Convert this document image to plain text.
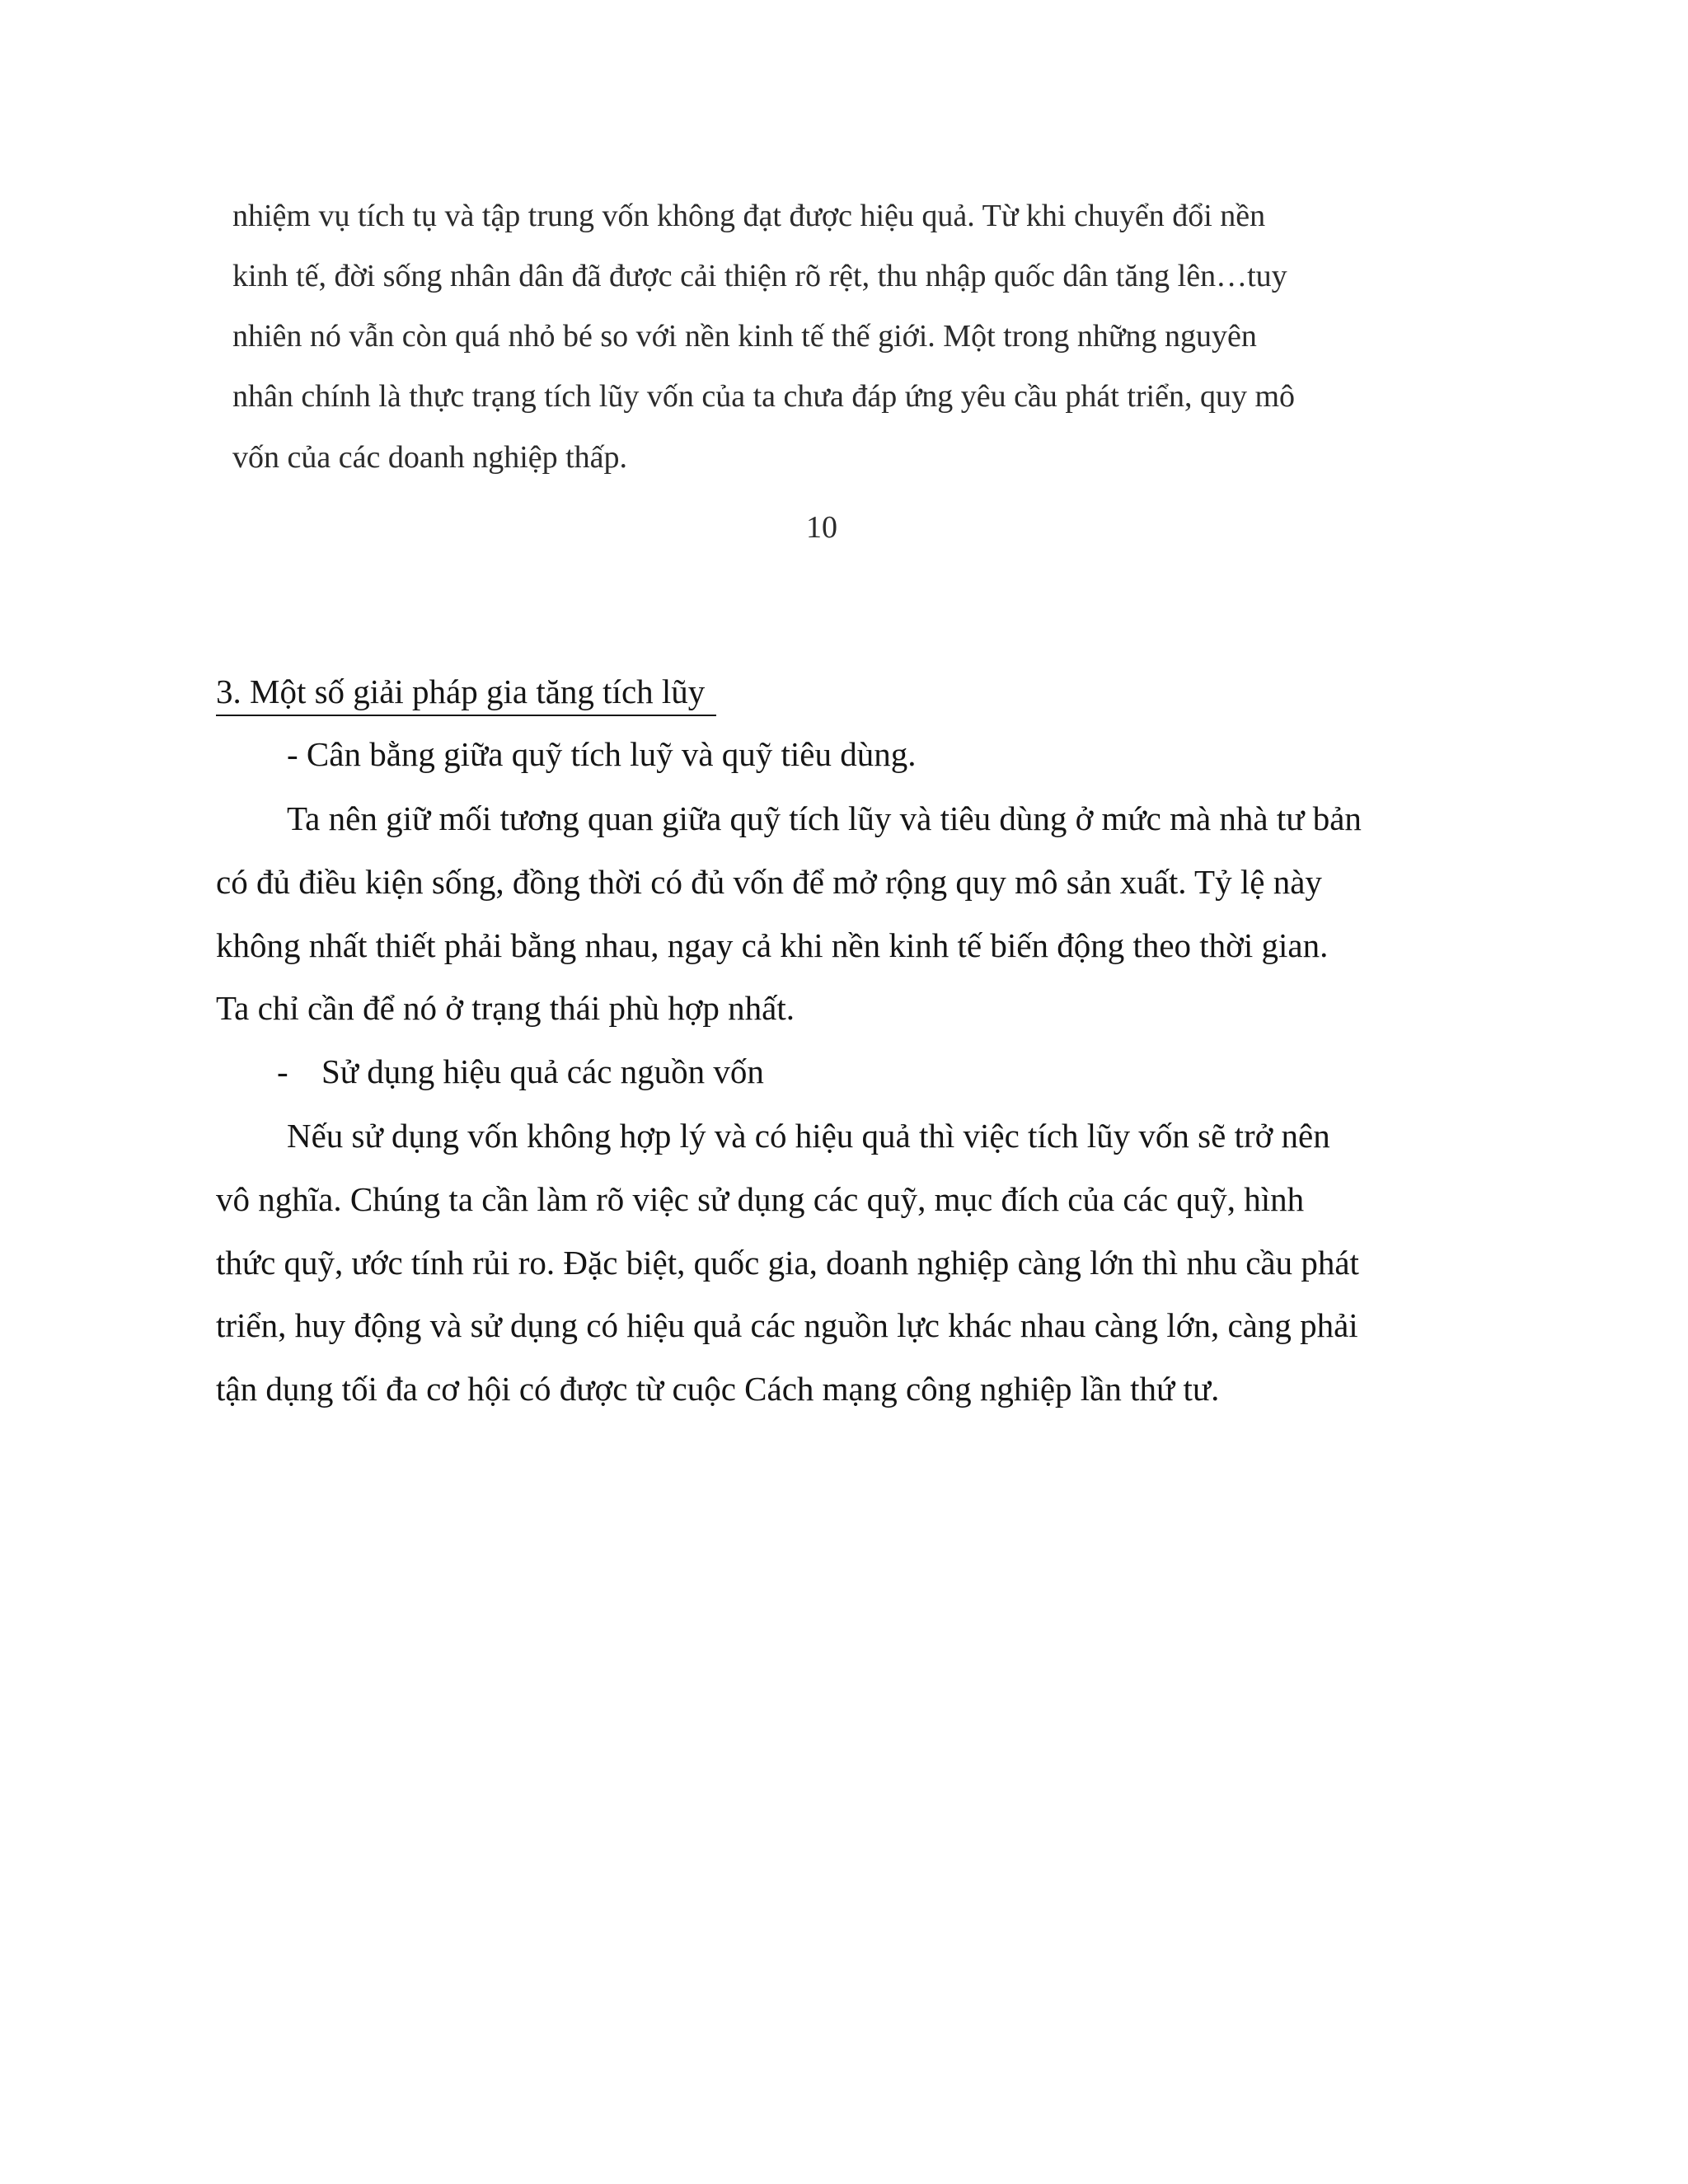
nhiệm vụ tích tụ và tập trung vốn không đạt được hiệu quả. Từ khi chuyển đổi nền
kinh tế, đời sống nhân dân đã được cải thiện rõ rệt, thu nhập quốc dân tăng lên…tuy
nhiên nó vẫn còn quá nhỏ bé so với nền kinh tế thế giới. Một trong những nguyên
nhân chính là thực trạng tích lũy vốn của ta chưa đáp ứng yêu cầu phát triển, quy mô
vốn của các doanh nghiệp thấp.
10
3. Một số giải pháp gia tăng tích lũy
- Cân bằng giữa quỹ tích luỹ và quỹ tiêu dùng.
Ta nên giữ mối tương quan giữa quỹ tích lũy và tiêu dùng ở mức mà nhà tư bản
có đủ điều kiện sống, đồng thời có đủ vốn để mở rộng quy mô sản xuất. Tỷ lệ này
không nhất thiết phải bằng nhau, ngay cả khi nền kinh tế biến động theo thời gian.
Ta chỉ cần để nó ở trạng thái phù hợp nhất.
- Sử dụng hiệu quả các nguồn vốn
Nếu sử dụng vốn không hợp lý và có hiệu quả thì việc tích lũy vốn sẽ trở nên
vô nghĩa. Chúng ta cần làm rõ việc sử dụng các quỹ, mục đích của các quỹ, hình
thức quỹ, ước tính rủi ro. Đặc biệt, quốc gia, doanh nghiệp càng lớn thì nhu cầu phát
triển, huy động và sử dụng có hiệu quả các nguồn lực khác nhau càng lớn, càng phải
tận dụng tối đa cơ hội có được từ cuộc Cách mạng công nghiệp lần thứ tư.
